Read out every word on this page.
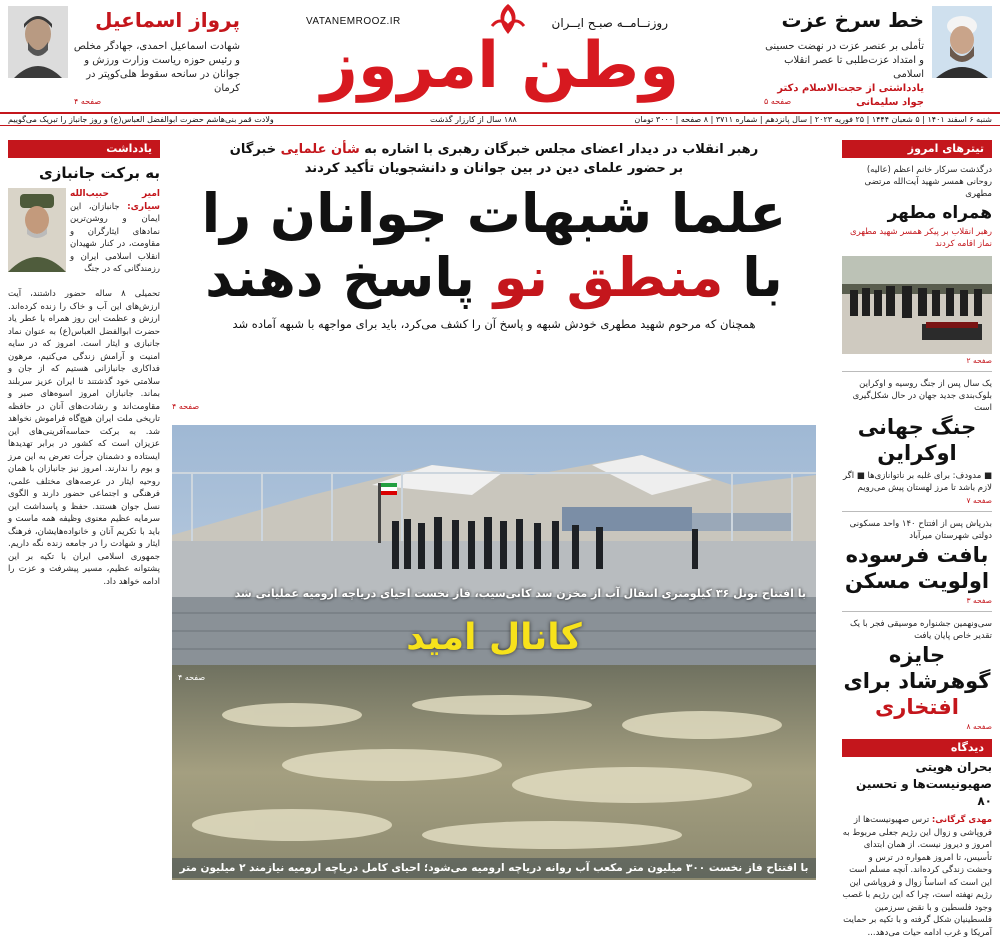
پرواز اسماعیل
شهادت اسماعیل احمدی، جهادگر مخلص و رئیس حوزه ریاست وزارت ورزش و جوانان در سانحه سقوط هلی‌کوپتر در کرمان
صفحه ۴
روزنــامــه صبـح ایــران
VATANEMROOZ.IR
وطن امروز
خط سرخ عزت
تأملی بر عنصر عزت در نهضت حسینی و امتداد عزت‌طلبی تا عصر انقلاب اسلامی
یادداشتی از حجت‌الاسلام دکتر جواد سلیمانی
صفحه ۵
شنبه ۶ اسفند ۱۴۰۱ | ۵ شعبان ۱۴۴۴ | ۲۵ فوریه ۲۰۲۳ | سال پانزدهم | شماره ۳۷۱۱ | ۸ صفحه | ۳۰۰۰ تومان
۱۸۸ سال از کارزار گذشت
ولادت قمر بنی‌هاشم حضرت ابوالفضل العباس(ع) و روز جانباز را تبریک می‌گوییم
تیترهای امروز
درگذشت سرکار خانم اعظم (عالیه) روحانی همسر شهید آیت‌الله مرتضی مطهری
همراه مطهر
رهبر انقلاب بر پیکر همسر شهید مطهری نماز اقامه کردند
صفحه ۲
یک سال پس از جنگ روسیه و اوکراین بلوک‌بندی جدید جهان در حال شکل‌گیری است
جنگ جهانی اوکراین
■ مدودف: برای غلبه بر ناتوانازی‌ها ■ اگر لازم باشد تا مرز لهستان پیش می‌رویم
صفحه ۷
بذرپاش پس از افتتاح ۱۴۰ واحد مسکونی دولتی شهرستان میرآباد
بافت فرسوده اولویت مسکن
صفحه ۳
سی‌ونهمین جشنواره موسیقی فجر با یک تقدیر خاص پایان یافت
جایزه گوهرشاد برای افتخاری
صفحه ۸
دیدگاه
بحران هویتی صهیونیست‌ها و تحسین ۸۰
مهدی گرگانی: ترس صهیونیست‌ها از فروپاشی و زوال این رژیم جعلی مربوط به امروز و دیروز نیست. از همان ابتدای تأسیس، تا امروز همواره در ترس و وحشت زندگی کرده‌اند. آنچه مسلم است این است که اساساً زوال و فروپاشی این رژیم نهفته است، چرا که این رژیم با غصب وجود فلسطین و با نقض سرزمین فلسطینیان شکل گرفته و با تکیه بر حمایت آمریکا و غرب ادامه حیات می‌دهد...
یادداشت
به برکت جانبازی
امیر حبیب‌الله سیاری: جانبازان، این ایمان و روشن‌ترین نمادهای ایثارگران و مقاومت، در کنار شهیدان انقلاب اسلامی ایران و رزمندگانی که در جنگ
تحمیلی ۸ ساله حضور داشتند، آیت ارزش‌های این آب و خاک را زنده کرده‌اند. ارزش و عظمت این روز همراه با عطر یاد حضرت ابوالفضل العباس(ع) به عنوان نماد جانبازی و ایثار است. امروز که در سایه امنیت و آرامش زندگی می‌کنیم، مرهون فداکاری جانبازانی هستیم که از جان و سلامتی خود گذشتند تا ایران عزیز سربلند بماند. جانبازان امروز اسوه‌های صبر و مقاومت‌اند و رشادت‌های آنان در حافظه تاریخی ملت ایران هیچ‌گاه فراموش نخواهد شد. به برکت حماسه‌آفرینی‌های این عزیزان است که کشور در برابر تهدیدها ایستاده و دشمنان جرأت تعرض به این مرز و بوم را ندارند. امروز نیز جانبازان با همان روحیه ایثار در عرصه‌های مختلف علمی، فرهنگی و اجتماعی حضور دارند و الگوی نسل جوان هستند. حفظ و پاسداشت این سرمایه عظیم معنوی وظیفه همه ماست و باید با تکریم آنان و خانواده‌هایشان، فرهنگ ایثار و شهادت را در جامعه زنده نگه داریم. جمهوری اسلامی ایران با تکیه بر این پشتوانه عظیم، مسیر پیشرفت و عزت را ادامه خواهد داد.
رهبر انقلاب در دیدار اعضای مجلس خبرگان رهبری با اشاره به شأن علمایی خبرگان
بر حضور علمای دین در بین جوانان و دانشجویان تأکید کردند
علما شبهات جوانان را
با منطق نو پاسخ دهند
همچنان که مرحوم شهید مطهری خودش شبهه و پاسخ آن را کشف می‌کرد، باید برای مواجهه با شبهه آماده شد
صفحه ۴
با افتتاح تونل ۳۶ کیلومتری انتقال آب از مخزن سد کانی‌سیب، فاز نخست احیای دریاچه ارومیه عملیاتی شد
کانال امید
صفحه ۴
با افتتاح فاز نخست ۳۰۰ میلیون متر مکعب آب روانه دریاچه ارومیه می‌شود؛ احیای کامل دریاچه ارومیه نیازمند ۲ میلیون متر مکعب آب است
